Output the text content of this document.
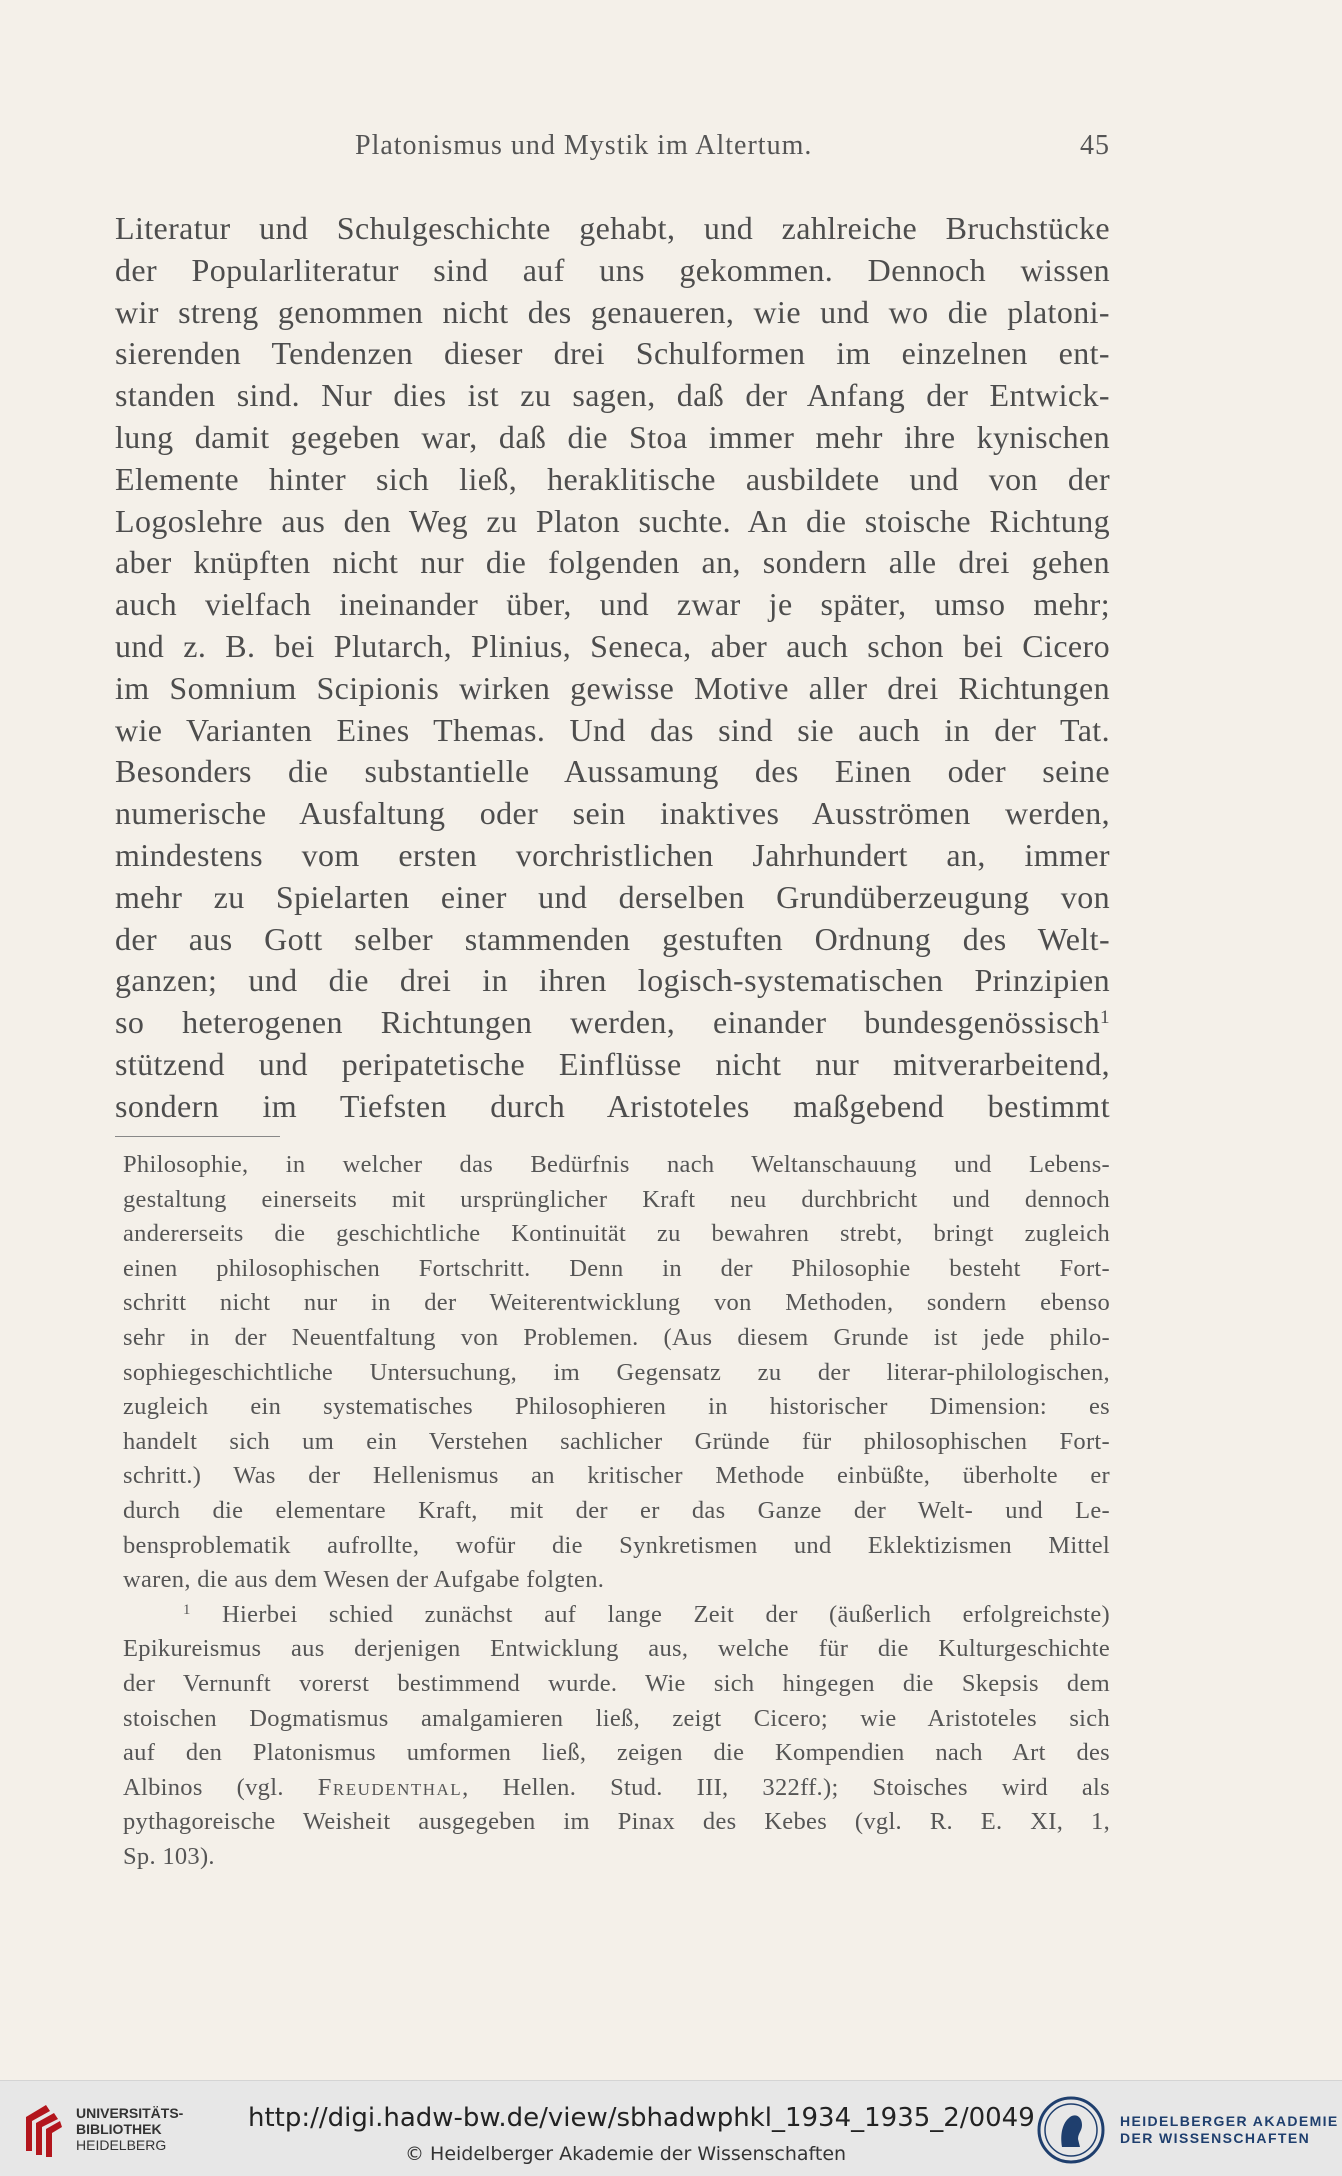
Platonismus und Mystik im Altertum.	45
Literatur und Schulgeschichte gehabt, und zahlreiche Bruchstücke
der Popularliteratur sind auf uns gekommen. Dennoch wissen
wir streng genommen nicht des genaueren, wie und wo die platoni-
sierenden Tendenzen dieser drei Schulformen im einzelnen ent-
standen sind. Nur dies ist zu sagen, daß der Anfang der Entwick-
lung damit gegeben war, daß die Stoa immer mehr ihre kynischen
Elemente hinter sich ließ, heraklitische ausbildete und von der
Logoslehre aus den Weg zu Platon suchte. An die stoische Richtung
aber knüpften nicht nur die folgenden an, sondern alle drei gehen
auch vielfach ineinander über, und zwar je später, umso mehr;
und z. B. bei Plutarch, Plinius, Seneca, aber auch schon bei Cicero
im Somnium Scipionis wirken gewisse Motive aller drei Richtungen
wie Varianten Eines Themas. Und das sind sie auch in der Tat.
Besonders die substantielle Aussamung des Einen oder seine
numerische Ausfaltung oder sein inaktives Ausströmen werden,
mindestens vom ersten vorchristlichen Jahrhundert an, immer
mehr zu Spielarten einer und derselben Grundüberzeugung von
der aus Gott selber stammenden gestuften Ordnung des Welt-
ganzen; und die drei in ihren logisch-systematischen Prinzipien
so heterogenen Richtungen werden, einander bundesgenössisch$^1$
stützend und peripatetische Einflüsse nicht nur mitverarbeitend,
sondern im Tiefsten durch Aristoteles maßgebend bestimmt
Philosophie, in welcher das Bedürfnis nach Weltanschauung und Lebens-
gestaltung einerseits mit ursprünglicher Kraft neu durchbricht und dennoch
andererseits die geschichtliche Kontinuität zu bewahren strebt, bringt zugleich
einen philosophischen Fortschritt. Denn in der Philosophie besteht Fort-
schritt nicht nur in der Weiterentwicklung von Methoden, sondern ebenso
sehr in der Neuentfaltung von Problemen. (Aus diesem Grunde ist jede philo-
sophiegeschichtliche Untersuchung, im Gegensatz zu der literar-philologischen,
zugleich ein systematisches Philosophieren in historischer Dimension: es
handelt sich um ein Verstehen sachlicher Gründe für philosophischen Fort-
schritt.) Was der Hellenismus an kritischer Methode einbüßte, überholte er
durch die elementare Kraft, mit der er das Ganze der Welt- und Le-
bensproblematik aufrollte, wofür die Synkretismen und Eklektizismen Mittel
waren, die aus dem Wesen der Aufgabe folgten.
$^1$ Hierbei schied zunächst auf lange Zeit der (äußerlich erfolgreichste)
Epikureismus aus derjenigen Entwicklung aus, welche für die Kulturgeschichte
der Vernunft vorerst bestimmend wurde. Wie sich hingegen die Skepsis dem
stoischen Dogmatismus amalgamieren ließ, zeigt Cicero; wie Aristoteles sich
auf den Platonismus umformen ließ, zeigen die Kompendien nach Art des
Albinos (vgl. Freudenthal, Hellen. Stud. III, 322ff.); Stoisches wird als
pythagoreische Weisheit ausgegeben im Pinax des Kebes (vgl. R. E. XI, 1,
Sp. 103).
UNIVERSITÄTS-
BIBLIOTHEK
HEIDELBERG
http://digi.hadw-bw.de/view/sbhadwphkl_1934_1935_2/0049
© Heidelberger Akademie der Wissenschaften
HEIDELBERGER AKADEMIE
DER WISSENSCHAFTEN
